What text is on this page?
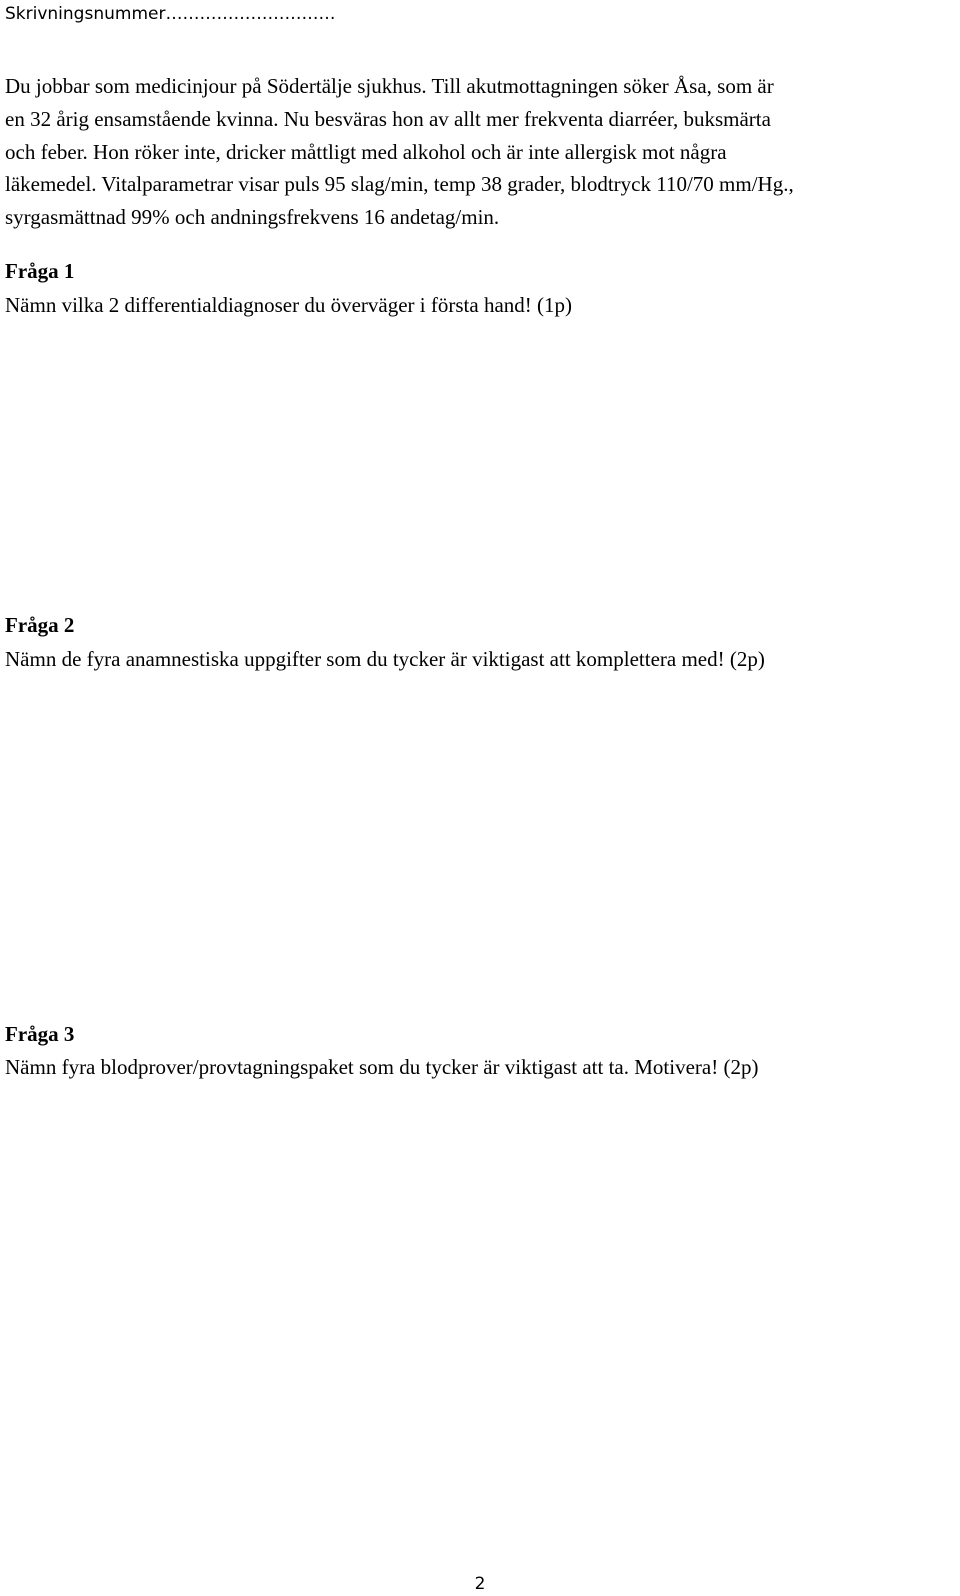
Skrivningsnummer…………………………
Du jobbar som medicinjour på Södertälje sjukhus. Till akutmottagningen söker Åsa, som är
en 32 årig ensamstående kvinna. Nu besväras hon av allt mer frekventa diarréer, buksmärta
och feber. Hon röker inte, dricker måttligt med alkohol och är inte allergisk mot några
läkemedel. Vitalparametrar visar puls 95 slag/min, temp 38 grader, blodtryck 110/70 mm/Hg.,
syrgasmättnad 99% och andningsfrekvens 16 andetag/min.
Fråga 1
Nämn vilka 2 differentialdiagnoser du överväger i första hand! (1p)
Fråga 2
Nämn de fyra anamnestiska uppgifter som du tycker är viktigast att komplettera med! (2p)
Fråga 3
Nämn fyra blodprover/provtagningspaket som du tycker är viktigast att ta. Motivera! (2p)
2
